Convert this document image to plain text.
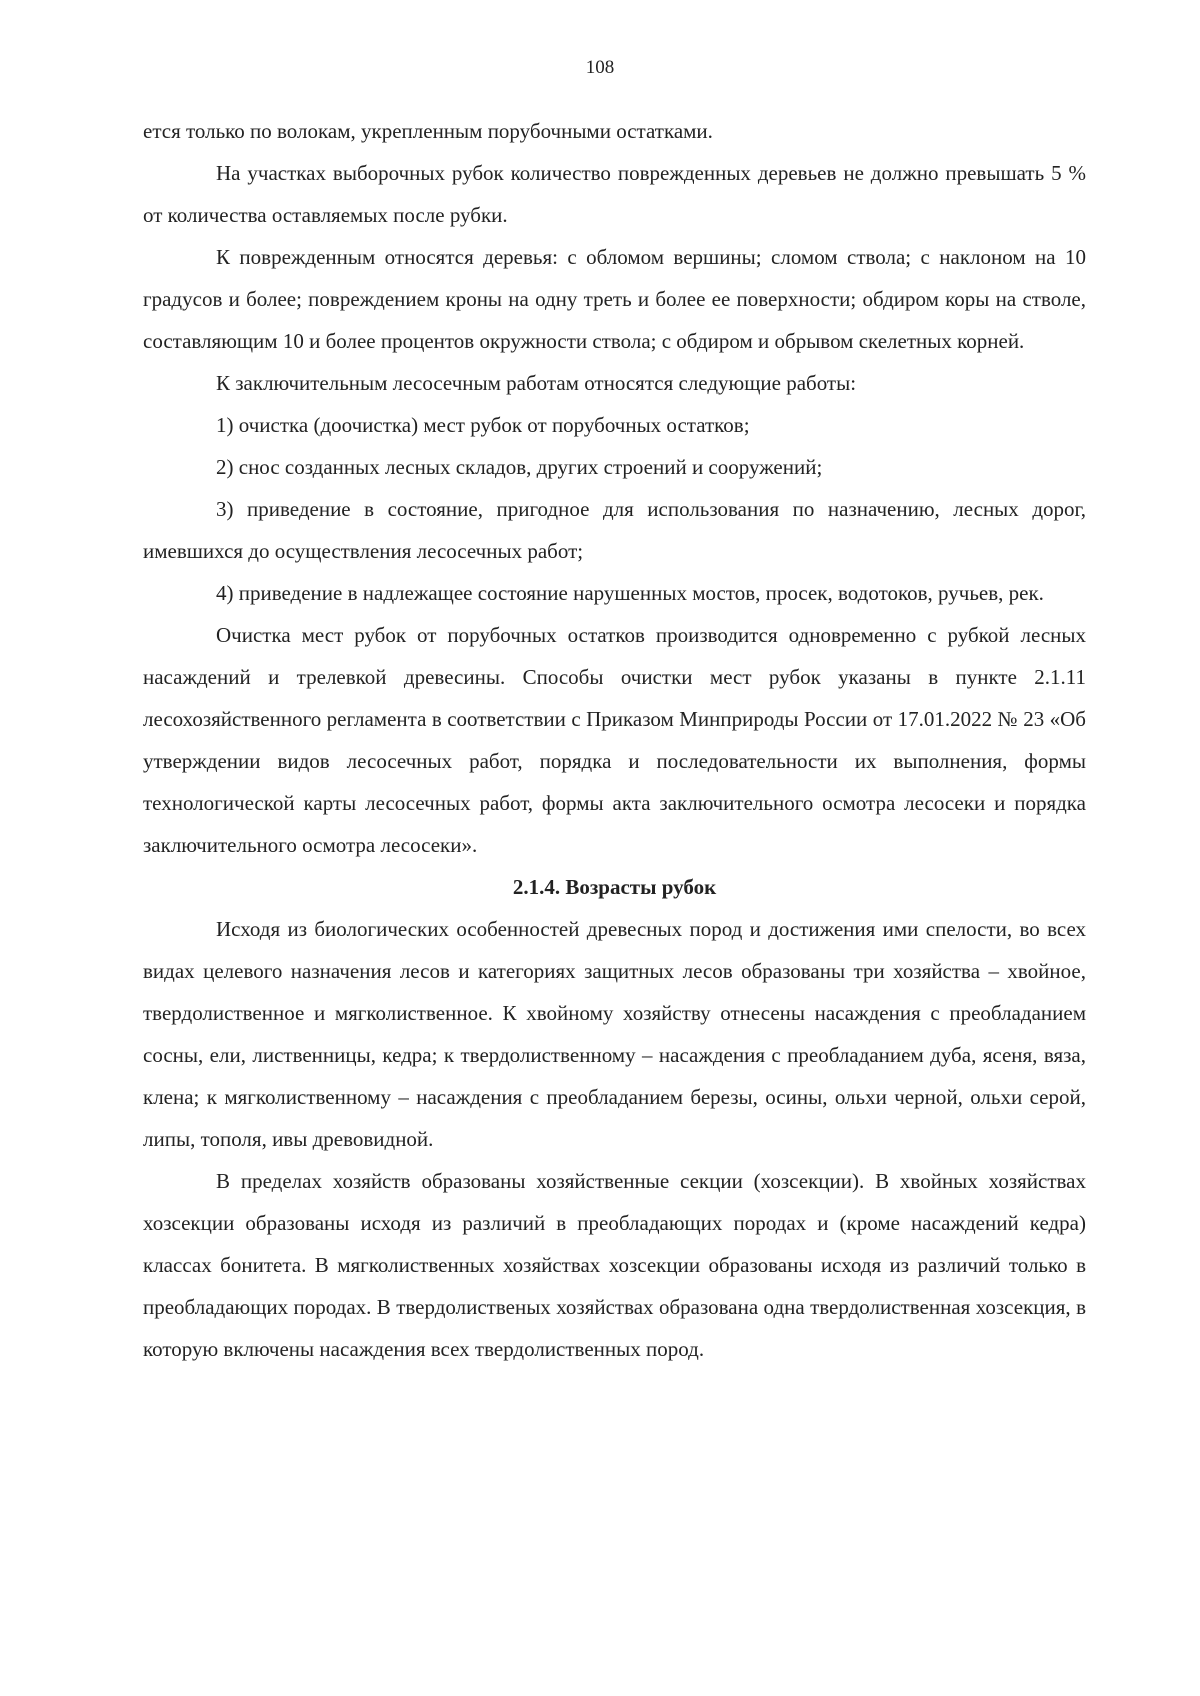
108

ется только по волокам, укрепленным порубочными остатками.

На участках выборочных рубок количество поврежденных деревьев не должно превышать 5 % от количества оставляемых после рубки.

К поврежденным относятся деревья: с обломом вершины; сломом ствола; с наклоном на 10 градусов и более; повреждением кроны на одну треть и более ее поверхности; обдиром коры на стволе, составляющим 10 и более процентов окружности ствола; с обдиром и обрывом скелетных корней.

К заключительным лесосечным работам относятся следующие работы:

1) очистка (доочистка) мест рубок от порубочных остатков;

2) снос созданных лесных складов, других строений и сооружений;

3) приведение в состояние, пригодное для использования по назначению, лесных дорог, имевшихся до осуществления лесосечных работ;

4) приведение в надлежащее состояние нарушенных мостов, просек, водотоков, ручьев, рек.

Очистка мест рубок от порубочных остатков производится одновременно с рубкой лесных насаждений и трелевкой древесины. Способы очистки мест рубок указаны в пункте 2.1.11 лесохозяйственного регламента в соответствии с Приказом Минприроды России от 17.01.2022 № 23 «Об утверждении видов лесосечных работ, порядка и последовательности их выполнения, формы технологической карты лесосечных работ, формы акта заключительного осмотра лесосеки и порядка заключительного осмотра лесосеки».

2.1.4. Возрасты рубок

Исходя из биологических особенностей древесных пород и достижения ими спелости, во всех видах целевого назначения лесов и категориях защитных лесов образованы три хозяйства – хвойное, твердолиственное и мягколиственное. К хвойному хозяйству отнесены насаждения с преобладанием сосны, ели, лиственницы, кедра; к твердолиственному – насаждения с преобладанием дуба, ясеня, вяза, клена; к мягколиственному – насаждения с преобладанием березы, осины, ольхи черной, ольхи серой, липы, тополя, ивы древовидной.

В пределах хозяйств образованы хозяйственные секции (хозсекции). В хвойных хозяйствах хозсекции образованы исходя из различий в преобладающих породах и (кроме насаждений кедра) классах бонитета. В мягколиственных хозяйствах хозсекции образованы исходя из различий только в преобладающих породах. В твердолиственых хозяйствах образована одна твердолиственная хозсекция, в которую включены насаждения всех твердолиственных пород.
